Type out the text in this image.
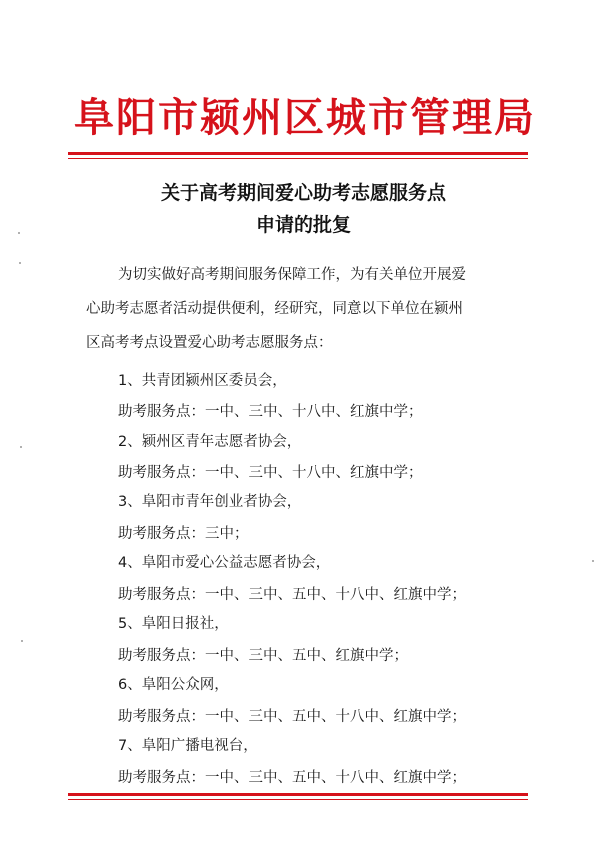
阜阳市颍州区城市管理局
关于高考期间爱心助考志愿服务点
申请的批复
为切实做好高考期间服务保障工作，为有关单位开展爱
心助考志愿者活动提供便利，经研究，同意以下单位在颍州
区高考考点设置爱心助考志愿服务点：
1、共青团颍州区委员会，
助考服务点：一中、三中、十八中、红旗中学；
2、颍州区青年志愿者协会，
助考服务点：一中、三中、十八中、红旗中学；
3、阜阳市青年创业者协会，
助考服务点：三中；
4、阜阳市爱心公益志愿者协会，
助考服务点：一中、三中、五中、十八中、红旗中学；
5、阜阳日报社，
助考服务点：一中、三中、五中、红旗中学；
6、阜阳公众网，
助考服务点：一中、三中、五中、十八中、红旗中学；
7、阜阳广播电视台，
助考服务点：一中、三中、五中、十八中、红旗中学；
